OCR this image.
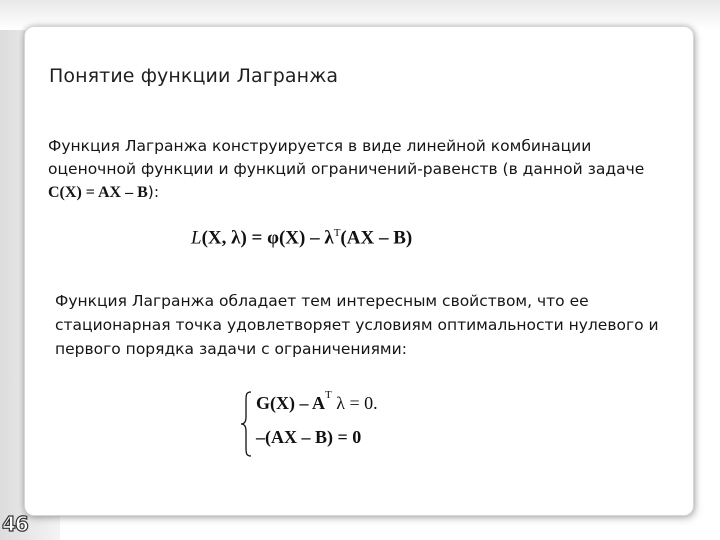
Понятие функции Лагранжа
Функция Лагранжа конструируется в виде линейной комбинации
оценочной функции и функций ограничений-равенств (в данной задаче
C(X) = AX – B):
L(X, $\lambda) = \varphi(X) - \lambda^T(AX - B)$
Функция Лагранжа обладает тем интересным свойством, что ее
стационарная точка удовлетворяет условиям оптимальности нулевого и
первого порядка задачи с ограничениями:
$G(X) - A^T$ λ = 0.
–(AX – B) = 0
46
